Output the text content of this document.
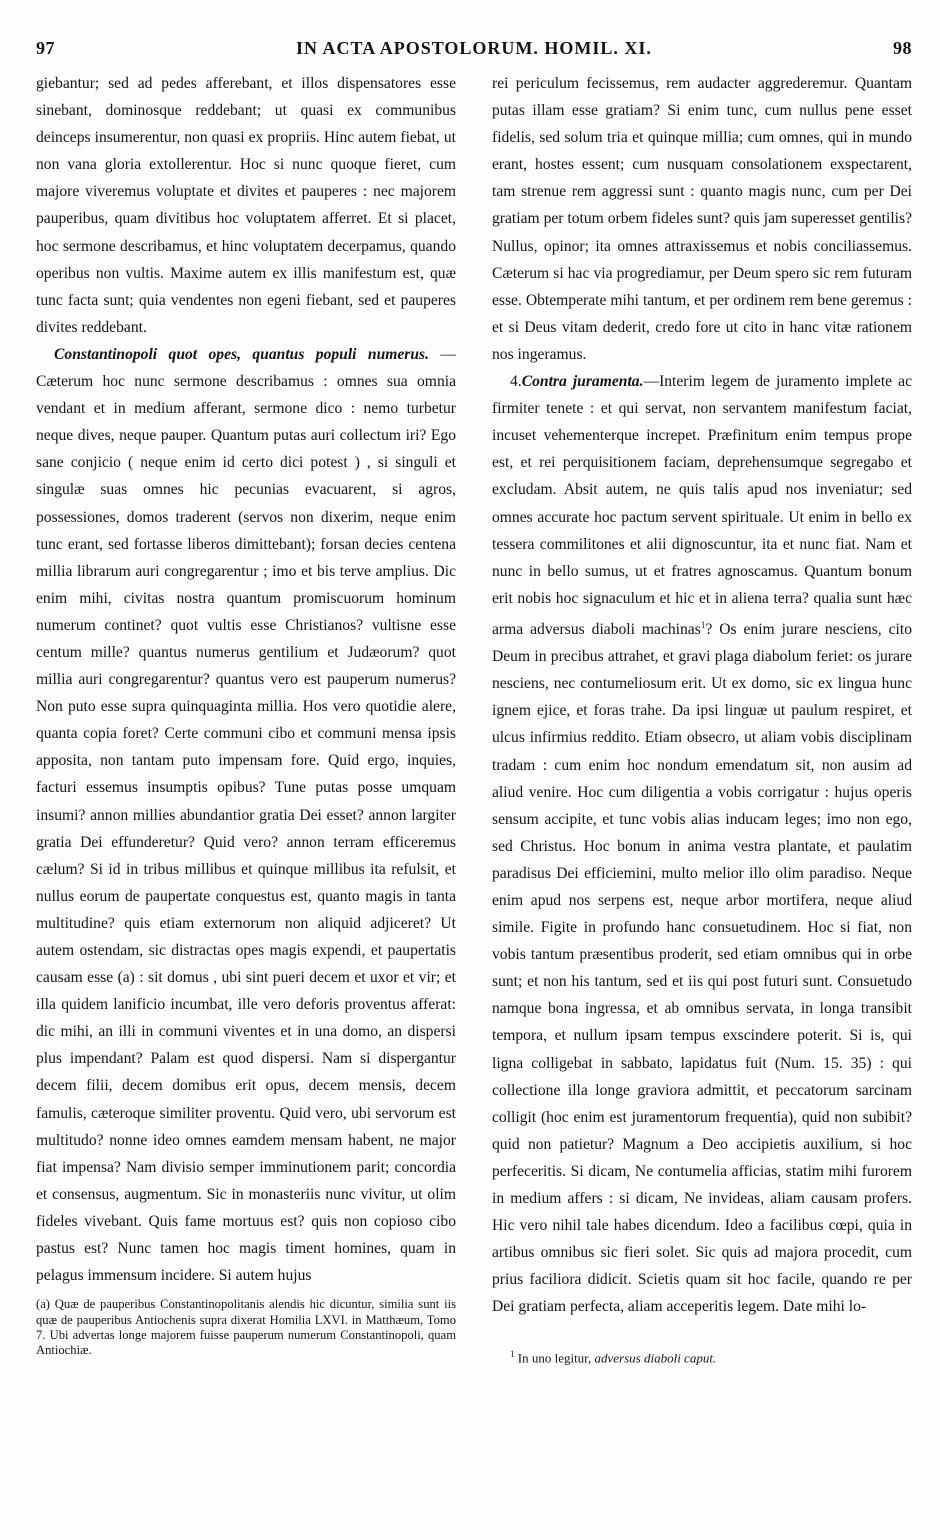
97	IN ACTA APOSTOLORUM. HOMIL. XI.	98

giebantur; sed ad pedes afferebant, et illos dispensatores esse sinebant, dominosque reddebant; ut quasi ex communibus deinceps insumerentur, non quasi ex propriis. Hinc autem fiebat, ut non vana gloria extollerentur. Hoc si nunc quoque fieret, cum majore viveremus voluptate et divites et pauperes : nec majorem pauperibus, quam divitibus hoc voluptatem afferret. Et si placet, hoc sermone describamus, et hinc voluptatem decerpamus, quando operibus non vultis. Maxime autem ex illis manifestum est, quæ tunc facta sunt; quia vendentes non egeni fiebant, sed et pauperes divites reddebant.

Constantinopoli quot opes, quantus populi numerus. — Cæterum hoc nunc sermone describamus : omnes sua omnia vendant et in medium afferant, sermone dico : nemo turbetur neque dives, neque pauper. Quantum putas auri collectum iri? Ego sane conjicio ( neque enim id certo dici potest ) , si singuli et singulæ suas omnes hic pecunias evacuarent, si agros, possessiones, domos traderent (servos non dixerim, neque enim tunc erant, sed fortasse liberos dimittebant); forsan decies centena millia librarum auri congregarentur ; imo et bis terve amplius. Dic enim mihi, civitas nostra quantum promiscuorum hominum numerum continet? quot vultis esse Christianos? vultisne esse centum mille? quantus numerus gentilium et Judæorum? quot millia auri congregarentur? quantus vero est pauperum numerus? Non puto esse supra quinquaginta millia. Hos vero quotidie alere, quanta copia foret? Certe communi cibo et communi mensa ipsis apposita, non tantam puto impensam fore. Quid ergo, inquies, facturi essemus insumptis opibus? Tune putas posse umquam insumi? annon millies abundantior gratia Dei esset? annon largiter gratia Dei effunderetur? Quid vero? annon terram efficeremus cælum? Si id in tribus millibus et quinque millibus ita refulsit, et nullus eorum de paupertate conquestus est, quanto magis in tanta multitudine? quis etiam externorum non aliquid adjiceret? Ut autem ostendam, sic distractas opes magis expendi, et paupertatis causam esse (a) : sit domus , ubi sint pueri decem et uxor et vir; et illa quidem lanificio incumbat, ille vero deforis proventus afferat: dic mihi, an illi in communi viventes et in una domo, an dispersi plus impendant? Palam est quod dispersi. Nam si dispergantur decem filii, decem domibus erit opus, decem mensis, decem famulis, cæteroque similiter proventu. Quid vero, ubi servorum est multitudo? nonne ideo omnes eamdem mensam habent, ne major fiat impensa? Nam divisio semper imminutionem parit; concordia et consensus, augmentum. Sic in monasteriis nunc vivitur, ut olim fideles vivebant. Quis fame mortuus est? quis non copioso cibo pastus est? Nunc tamen hoc magis timent homines, quam in pelagus immensum incidere. Si autem hujus

(a) Quæ de pauperibus Constantinopolitanis alendis hic dicuntur, similia sunt iis quæ de pauperibus Antiochenis supra dixerat Homilia LXVI. in Matthæum, Tomo 7. Ubi advertas longe majorem fuisse pauperum numerum Constantinopoli, quam Antiochiæ.

rei periculum fecissemus, rem audacter aggrederemur. Quantam putas illam esse gratiam? Si enim tunc, cum nullus pene esset fidelis, sed solum tria et quinque millia; cum omnes, qui in mundo erant, hostes essent; cum nusquam consolationem exspectarent, tam strenue rem aggressi sunt : quanto magis nunc, cum per Dei gratiam per totum orbem fideles sunt? quis jam superesset gentilis? Nullus, opinor; ita omnes attraxissemus et nobis conciliassemus. Cæterum si hac via progrediamur, per Deum spero sic rem futuram esse. Obtemperate mihi tantum, et per ordinem rem bene geremus : et si Deus vitam dederit, credo fore ut cito in hanc vitæ rationem nos ingeramus.

4.Contra juramenta.—Interim legem de juramento implete ac firmiter tenete : et qui servat, non servantem manifestum faciat, incuset vehementerque increpet. Præfinitum enim tempus prope est, et rei perquisitionem faciam, deprehensumque segregabo et excludam. Absit autem, ne quis talis apud nos inveniatur; sed omnes accurate hoc pactum servent spirituale. Ut enim in bello ex tessera commilitones et alii dignoscuntur, ita et nunc fiat. Nam et nunc in bello sumus, ut et fratres agnoscamus. Quantum bonum erit nobis hoc signaculum et hic et in aliena terra? qualia sunt hæc arma adversus diaboli machinas$^1$? Os enim jurare nesciens, cito Deum in precibus attrahet, et gravi plaga diabolum feriet: os jurare nesciens, nec contumeliosum erit. Ut ex domo, sic ex lingua hunc ignem ejice, et foras trahe. Da ipsi linguæ ut paulum respiret, et ulcus infirmius reddito. Etiam obsecro, ut aliam vobis disciplinam tradam : cum enim hoc nondum emendatum sit, non ausim ad aliud venire. Hoc cum diligentia a vobis corrigatur : hujus operis sensum accipite, et tunc vobis alias inducam leges; imo non ego, sed Christus. Hoc bonum in anima vestra plantate, et paulatim paradisus Dei efficiemini, multo melior illo olim paradiso. Neque enim apud nos serpens est, neque arbor mortifera, neque aliud simile. Figite in profundo hanc consuetudinem. Hoc si fiat, non vobis tantum præsentibus proderit, sed etiam omnibus qui in orbe sunt; et non his tantum, sed et iis qui post futuri sunt. Consuetudo namque bona ingressa, et ab omnibus servata, in longa transibit tempora, et nullum ipsam tempus exscindere poterit. Si is, qui ligna colligebat in sabbato, lapidatus fuit (Num. 15. 35) : qui collectione illa longe graviora admittit, et peccatorum sarcinam colligit (hoc enim est juramentorum frequentia), quid non subibit? quid non patietur? Magnum a Deo accipietis auxilium, si hoc perfeceritis. Si dicam, Ne contumelia afficias, statim mihi furorem in medium affers : si dicam, Ne invideas, aliam causam profers. Hic vero nihil tale habes dicendum. Ideo a facilibus cœpi, quia in artibus omnibus sic fieri solet. Sic quis ad majora procedit, cum prius faciliora didicit. Scietis quam sit hoc facile, quando re per Dei gratiam perfecta, aliam acceperitis legem. Date mihi lo-

$^1$ In uno legitur, adversus diaboli caput.
